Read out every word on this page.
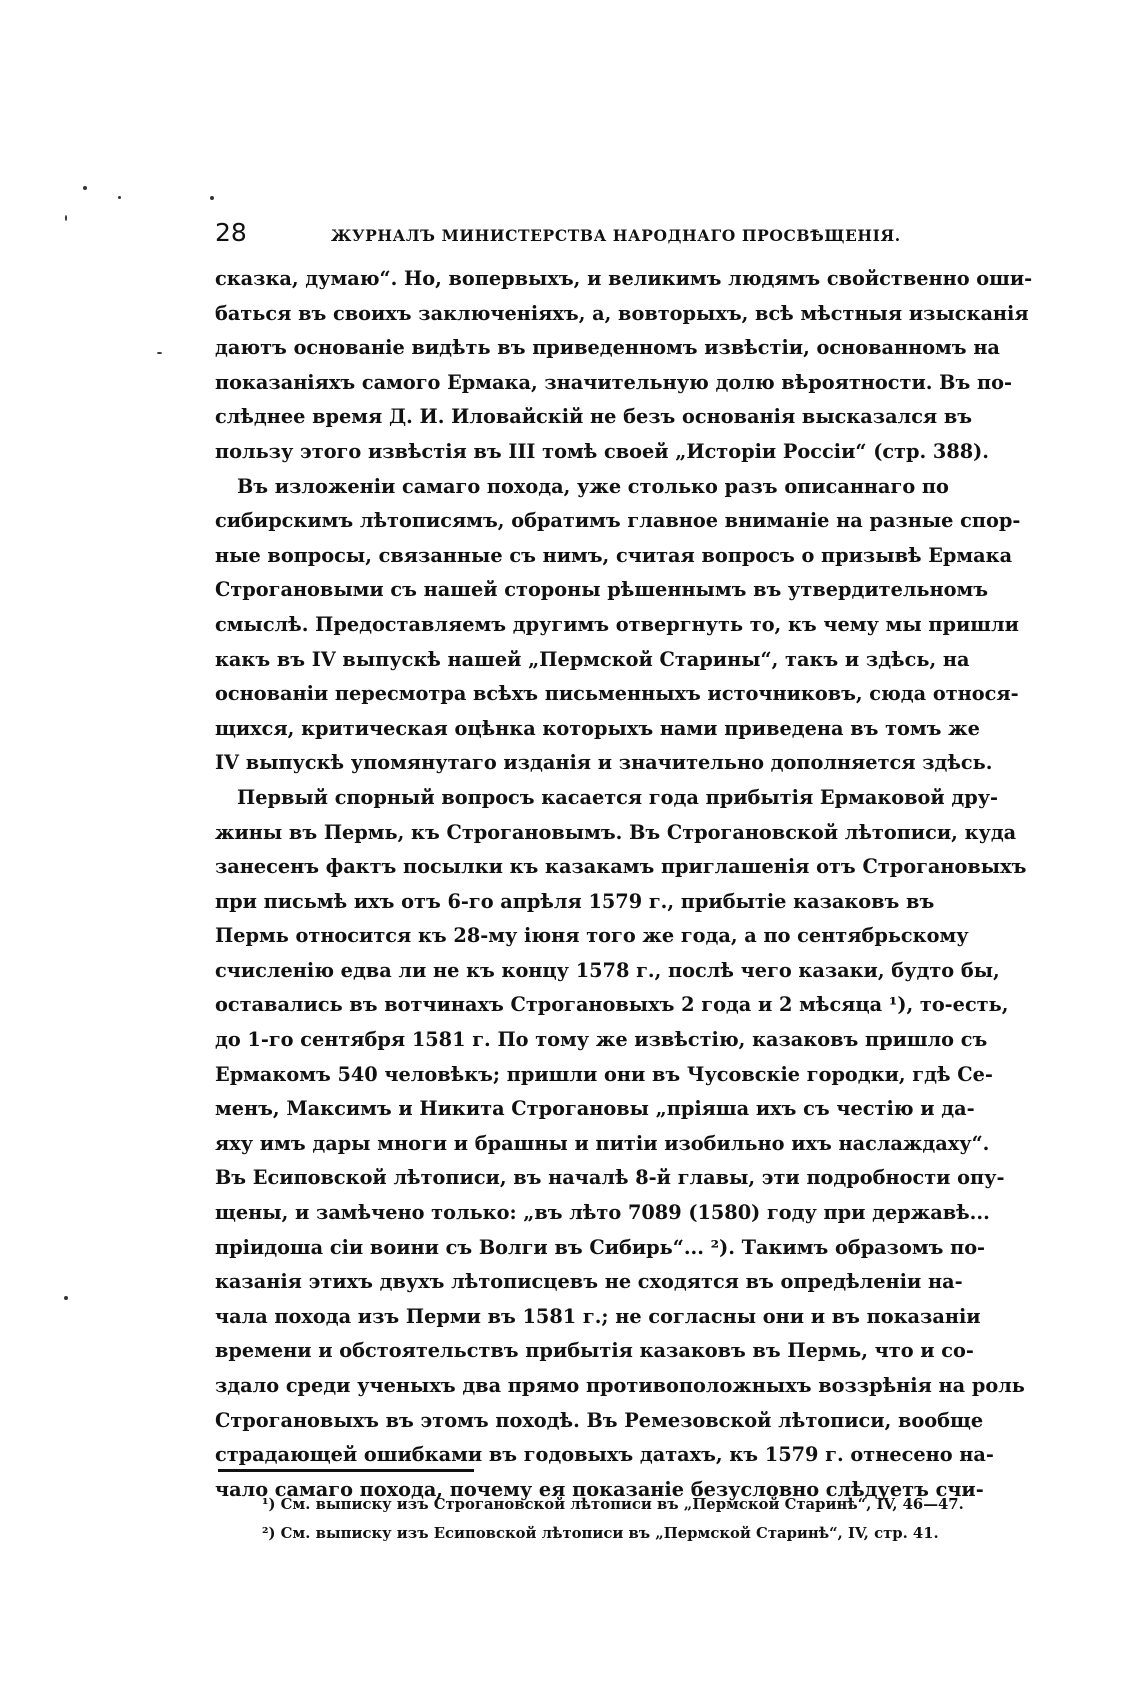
28	ЖУРНАЛЪ МИНИСТЕРСТВА НАРОДНАГО ПРОСВѢЩЕНІЯ.
сказка, думаю“. Но, вопервыхъ, и великимъ людямъ свойственно оши-
баться въ своихъ заключеніяхъ, а, вовторыхъ, всѣ мѣстныя изысканія
даютъ основаніе видѣть въ приведенномъ извѣстіи, основанномъ на
показаніяхъ самого Ермака, значительную долю вѣроятности. Въ по-
слѣднее время Д. И. Иловайскій не безъ основанія высказался въ
пользу этого извѣстія въ III томѣ своей „Исторіи Россіи“ (стр. 388).
Въ изложеніи самаго похода, уже столько разъ описаннаго по
сибирскимъ лѣтописямъ, обратимъ главное вниманіе на разные спор-
ные вопросы, связанные съ нимъ, считая вопросъ о призывѣ Ермака
Строгановыми съ нашей стороны рѣшеннымъ въ утвердительномъ
смыслѣ. Предоставляемъ другимъ отвергнуть то, къ чему мы пришли
какъ въ IV выпускѣ нашей „Пермской Старины“, такъ и здѣсь, на
основаніи пересмотра всѣхъ письменныхъ источниковъ, сюда относя-
щихся, критическая оцѣнка которыхъ нами приведена въ томъ же
IV выпускѣ упомянутаго изданія и значительно дополняется здѣсь.
Первый спорный вопросъ касается года прибытія Ермаковой дру-
жины въ Пермь, къ Строгановымъ. Въ Строгановской лѣтописи, куда
занесенъ фактъ посылки къ казакамъ приглашенія отъ Строгановыхъ
при письмѣ ихъ отъ 6-го апрѣля 1579 г., прибытіе казаковъ въ
Пермь относится къ 28-му іюня того же года, а по сентябрьскому
счисленію едва ли не къ концу 1578 г., послѣ чего казаки, будто бы,
оставались въ вотчинахъ Строгановыхъ 2 года и 2 мѣсяца ¹), то-есть,
до 1-го сентября 1581 г. По тому же извѣстію, казаковъ пришло съ
Ермакомъ 540 человѣкъ; пришли они въ Чусовскіе городки, гдѣ Се-
менъ, Максимъ и Никита Строгановы „пріяша ихъ съ честію и да-
яху имъ дары многи и брашны и питіи изобильно ихъ наслаждаху“.
Въ Есиповской лѣтописи, въ началѣ 8-й главы, эти подробности опу-
щены, и замѣчено только: „въ лѣто 7089 (1580) году при державѣ...
пріидоша сіи воини съ Волги въ Сибирь“... ²). Такимъ образомъ по-
казанія этихъ двухъ лѣтописцевъ не сходятся въ опредѣленіи на-
чала похода изъ Перми въ 1581 г.; не согласны они и въ показаніи
времени и обстоятельствъ прибытія казаковъ въ Пермь, что и со-
здало среди ученыхъ два прямо противоположныхъ воззрѣнія на роль
Строгановыхъ въ этомъ походѣ. Въ Ремезовской лѣтописи, вообще
страдающей ошибками въ годовыхъ датахъ, къ 1579 г. отнесено на-
чало самаго похода, почему ея показаніе безусловно слѣдуетъ счи-
¹) См. выписку изъ Строгановской лѣтописи въ „Пермской Старинѣ“, IV, 46—47.
²) См. выписку изъ Есиповской лѣтописи въ „Пермской Старинѣ“, IV, стр. 41.
